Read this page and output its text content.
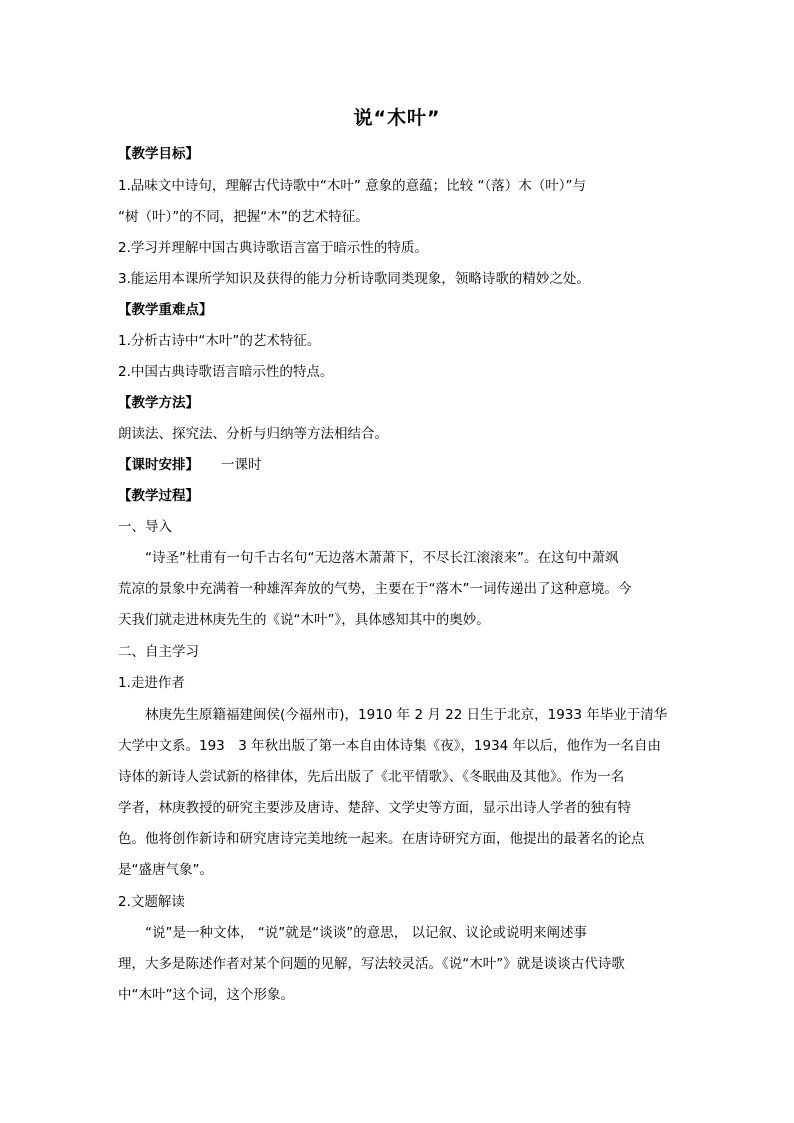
说“木叶”
【教学目标】
1.品味文中诗句，理解古代诗歌中“木叶” 意象的意蕴；比较 “（落）木（叶）”与
“树（叶）”的不同，把握“木”的艺术特征。
2.学习并理解中国古典诗歌语言富于暗示性的特质。
3.能运用本课所学知识及获得的能力分析诗歌同类现象，领略诗歌的精妙之处。
【教学重难点】
1.分析古诗中“木叶”的艺术特征。
2.中国古典诗歌语言暗示性的特点。
【教学方法】
朗读法、探究法、分析与归纳等方法相结合。
【课时安排】 一课时
【教学过程】
一、导入
“诗圣”杜甫有一句千古名句“无边落木萧萧下，不尽长江滚滚来”。在这句中萧飒
荒凉的景象中充满着一种雄浑奔放的气势，主要在于“落木”一词传递出了这种意境。今
天我们就走进林庚先生的《说“木叶”》，具体感知其中的奥妙。
二、自主学习
1.走进作者
林庚先生原籍福建闽侯(今福州市)，1910 年 2 月 22 日生于北京，1933 年毕业于清华
大学中文系。193　3 年秋出版了第一本自由体诗集《夜》，1934 年以后，他作为一名自由
诗体的新诗人尝试新的格律体，先后出版了《北平情歌》、《冬眠曲及其他》。作为一名
学者，林庚教授的研究主要涉及唐诗、楚辞、文学史等方面，显示出诗人学者的独有特
色。他将创作新诗和研究唐诗完美地统一起来。在唐诗研究方面，他提出的最著名的论点
是“盛唐气象”。
2.文题解读
“说”是一种文体， “说”就是“谈谈”的意思， 以记叙、议论或说明来阐述事
理，大多是陈述作者对某个问题的见解，写法较灵活。《说“木叶”》就是谈谈古代诗歌
中“木叶”这个词，这个形象。
